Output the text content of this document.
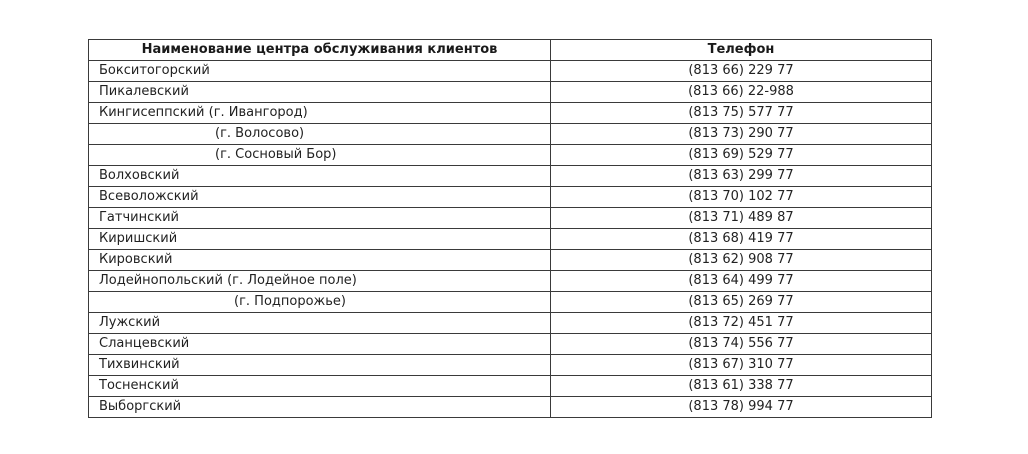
Наименование центра обслуживания клиентов	Телефон
Бокситогорский	(813 66) 229 77
Пикалевский	(813 66) 22-988
Кингисеппский (г. Ивангород)	(813 75) 577 77
(г. Волосово)	(813 73) 290 77
(г. Сосновый Бор)	(813 69) 529 77
Волховский	(813 63) 299 77
Всеволожский	(813 70) 102 77
Гатчинский	(813 71) 489 87
Киришский	(813 68) 419 77
Кировский	(813 62) 908 77
Лодейнопольский (г. Лодейное поле)	(813 64) 499 77
(г. Подпорожье)	(813 65) 269 77
Лужский	(813 72) 451 77
Сланцевский	(813 74) 556 77
Тихвинский	(813 67) 310 77
Тосненский	(813 61) 338 77
Выборгский	(813 78) 994 77
